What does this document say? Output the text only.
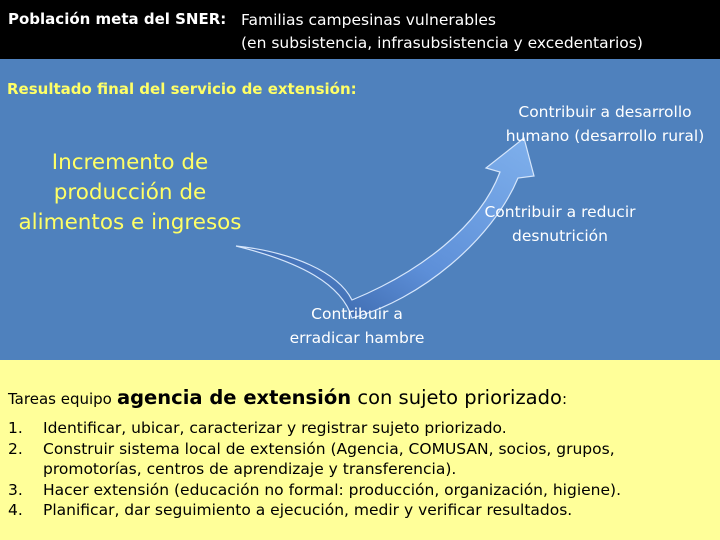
Población meta del SNER: Familias campesinas vulnerables
(en subsistencia, infrasubsistencia y excedentarios)
Resultado final del servicio de extensión:
Incremento de
producción de
alimentos e ingresos
Contribuir a desarrollo
humano (desarrollo rural)
Contribuir a reducir
desnutrición
Contribuir a
erradicar hambre
Tareas equipo agencia de extensión con sujeto priorizado:
1. Identificar, ubicar, caracterizar y registrar sujeto priorizado.
2. Construir sistema local de extensión (Agencia, COMUSAN, socios, grupos,
promotorías, centros de aprendizaje y transferencia).
3. Hacer extensión (educación no formal: producción, organización, higiene).
4. Planificar, dar seguimiento a ejecución, medir y verificar resultados.
